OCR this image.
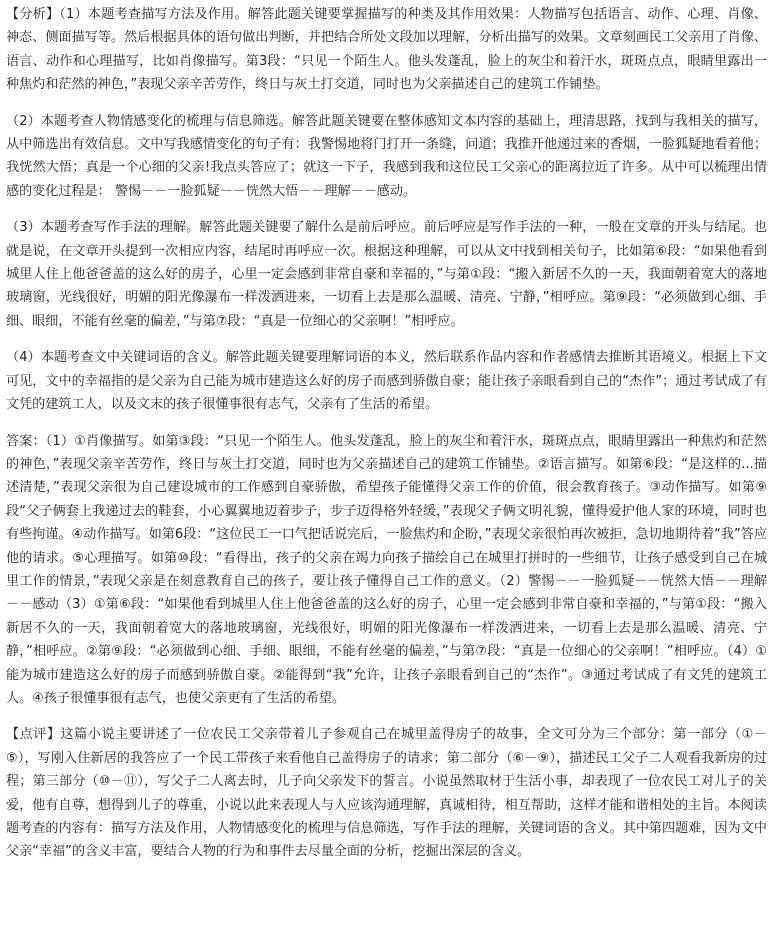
【分析】（1）本题考查描写方法及作用。解答此题关键要掌握描写的种类及其作用效果：人物描写包括语言、动作、心理、肖像、神态、侧面描写等。然后根据具体的语句做出判断，并把结合所处文段加以理解，分析出描写的效果。文章刻画民工父亲用了肖像、语言、动作和心理描写，比如肖像描写。第3段：“只见一个陌生人。他头发蓬乱，脸上的灰尘和着汗水，斑斑点点，眼睛里露出一种焦灼和茫然的神色，”表现父亲辛苦劳作，终日与灰土打交道，同时也为父亲描述自己的建筑工作铺垫。

（2）本题考查人物情感变化的梳理与信息筛选。解答此题关键要在整体感知文本内容的基础上，理清思路，找到与我相关的描写，从中筛选出有效信息。文中写我感情变化的句子有：我警惕地将门打开一条缝，问道；我推开他递过来的香烟，一脸狐疑地看着他； 我恍然大悟；真是一个心细的父亲!我点头答应了；就这一下子，我感到我和这位民工父亲心的距离拉近了许多。从中可以梳理出情感的变化过程是： 警惕－－一脸狐疑－－恍然大悟－－理解－－感动。

（3）本题考查写作手法的理解。解答此题关键要了解什么是前后呼应。前后呼应是写作手法的一种，一般在文章的开头与结尾。也就是说，在文章开头提到一次相应内容，结尾时再呼应一次。根据这种理解，可以从文中找到相关句子，比如第⑥段：“如果他看到城里人住上他爸爸盖的这么好的房子，心里一定会感到非常自豪和幸福的，”与第①段：“搬入新居不久的一天，我面朝着宽大的落地玻璃窗，光线很好，明媚的阳光像瀑布一样泼洒进来，一切看上去是那么温暖、清亮、宁静，”相呼应。第⑨段：“必须做到心细、手细、眼细，不能有丝毫的偏差，”与第⑦段：“真是一位细心的父亲啊！”相呼应。

（4）本题考查文中关键词语的含义。解答此题关键要理解词语的本义，然后联系作品内容和作者感情去推断其语境义。根据上下文可见，文中的幸福指的是父亲为自己能为城市建造这么好的房子而感到骄傲自豪；能让孩子亲眼看到自己的“杰作”；通过考试成了有文凭的建筑工人，以及文末的孩子很懂事很有志气，父亲有了生活的希望。

答案：（1）①肖像描写。如第③段：“只见一个陌生人。他头发蓬乱，脸上的灰尘和着汗水，斑斑点点，眼睛里露出一种焦灼和茫然的神色，”表现父亲辛苦劳作，终日与灰土打交道，同时也为父亲描述自己的建筑工作铺垫。②语言描写。如第⑥段：“是这样的...描述清楚，”表现父亲很为自己建设城市的工作感到自豪骄傲，希望孩子能懂得父亲工作的价值，很会教育孩子。③动作描写。如第⑨段“父子俩套上我递过去的鞋套，小心翼翼地迈着步子，步子迈得格外轻缓，”表现父子俩文明礼貌，懂得爱护他人家的环境，同时也有些拘谨。④动作描写。如第6段：“这位民工一口气把话说完后，一脸焦灼和企盼，”表现父亲很怕再次被拒，急切地期待着“我”答应他的请求。⑤心理描写。如第⑩段：“看得出，孩子的父亲在竭力向孩子描绘自己在城里打拼时的一些细节，让孩子感受到自己在城里工作的情景，”表现父亲是在刻意教育自己的孩子，要让孩子懂得自己工作的意义。（2）警惕－－一脸狐疑－－恍然大悟－－理解－－感动（3）①第⑥段：“如果他看到城里人住上他爸爸盖的这么好的房子，心里一定会感到非常自豪和幸福的，”与第①段：“搬入新居不久的一天，我面朝着宽大的落地玻璃窗，光线很好，明媚的阳光像瀑布一样泼洒进来，一切看上去是那么温暖、清亮、宁静，”相呼应。②第⑨段：“必须做到心细、手细、眼细，不能有丝毫的偏差，”与第⑦段：“真是一位细心的父亲啊！”相呼应。（4）①能为城市建造这么好的房子而感到骄傲自豪。②能得到“我”允许，让孩子亲眼看到自己的“杰作”。③通过考试成了有文凭的建筑工人。④孩子很懂事很有志气，也使父亲更有了生活的希望。

【点评】这篇小说主要讲述了一位农民工父亲带着儿子参观自己在城里盖得房子的故事，全文可分为三个部分：第一部分（①－⑤），写刚入住新居的我答应了一个民工带孩子来看他自己盖得房子的请求；第二部分（⑥－⑨），描述民工父子二人观看我新房的过程；第三部分（⑩－⑪），写父子二人离去时，儿子向父亲发下的誓言。小说虽然取材于生活小事，却表现了一位农民工对儿子的关爱，他有自尊，想得到儿子的尊重，小说以此来表现人与人应该沟通理解，真诚相待，相互帮助，这样才能和谐相处的主旨。本阅读题考查的内容有：描写方法及作用，人物情感变化的梳理与信息筛选，写作手法的理解，关键词语的含义。其中第四题难，因为文中父亲“幸福”的含义丰富，要结合人物的行为和事件去尽量全面的分析，挖掘出深层的含义。
